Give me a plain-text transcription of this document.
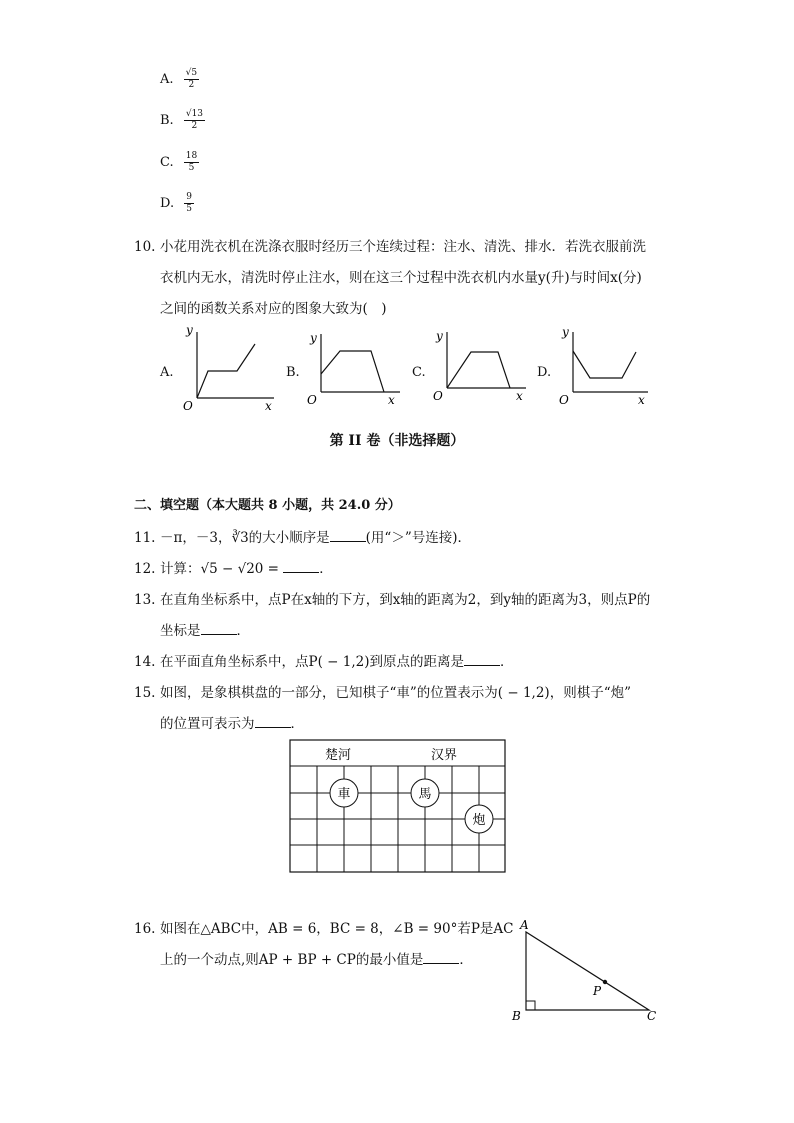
A. $\frac{√5}{2}$
B. $\frac{√13}{2}$
C. $\frac{18}{5}$
D. $\frac{9}{5}$
10. 小花用洗衣机在洗涤衣服时经历三个连续过程：注水、清洗、排水．若洗衣服前洗
衣机内无水，清洗时停止注水，则在这三个过程中洗衣机内水量y(升)与时间x(分)
之间的函数关系对应的图象大致为(　)
A.
y
O	x
B.
y
O	x
C.
y
O	x
D.
y
O	x
第 II 卷（非选择题）
二、填空题（本大题共 8 小题，共 24.0 分）
11. －π，－3，∛3的大小顺序是	(用“＞”号连接)．
12. 计算：√5 − √20 =	．
13. 在直角坐标系中，点P在x轴的下方，到x轴的距离为2，到y轴的距离为3，则点P的
坐标是	．
14. 在平面直角坐标系中，点P( − 1,2)到原点的距离是	．
15. 如图，是象棋棋盘的一部分，已知棋子“車”的位置表示为( − 1,2)，则棋子“炮”
的位置可表示为	．
楚河	汉界
車	馬
炮
16. 如图在△ABC中，AB = 6，BC = 8，∠B = 90°若P是AC
上的一个动点,则AP + BP + CP的最小值是	．
A
B	C
P
